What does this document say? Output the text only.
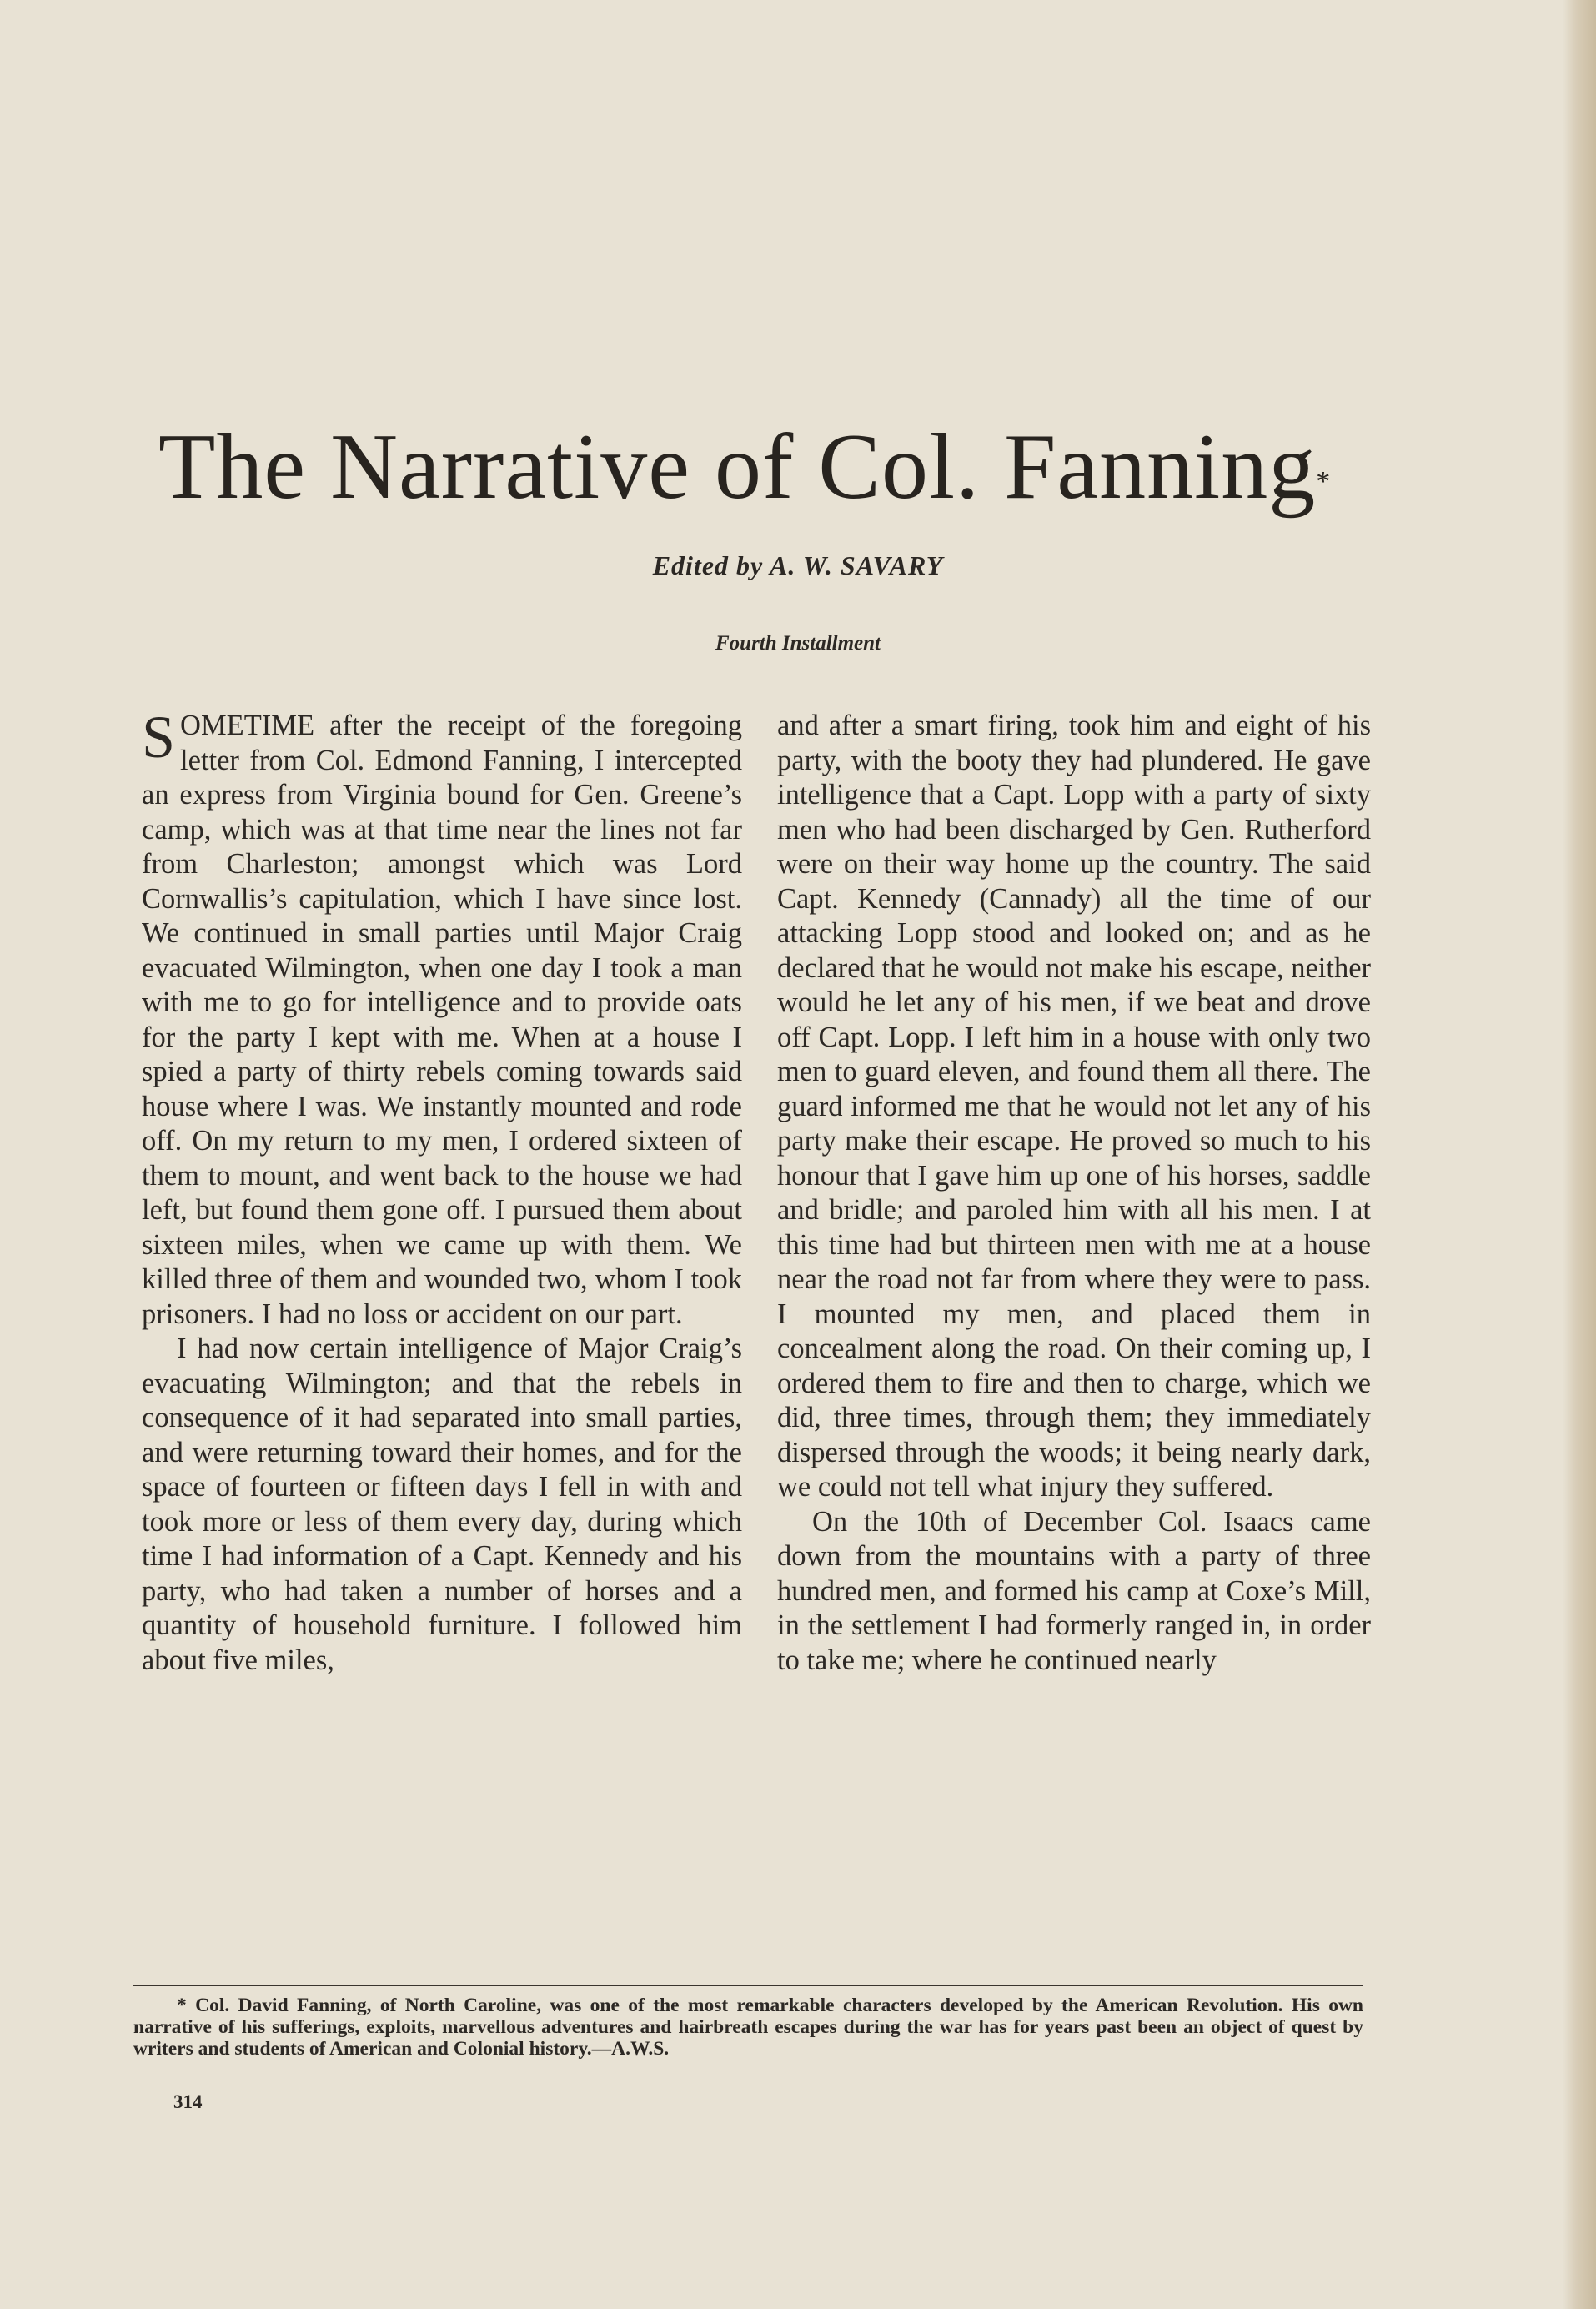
The Narrative of Col. Fanning*
Edited by A. W. SAVARY
Fourth Installment

SOMETIME after the receipt of the foregoing letter from Col. Edmond Fanning, I intercepted an express from Virginia bound for Gen. Greene’s camp, which was at that time near the lines not far from Charleston; amongst which was Lord Cornwallis’s capitulation, which I have since lost. We continued in small parties until Major Craig evacuated Wilmington, when one day I took a man with me to go for intelligence and to provide oats for the party I kept with me. When at a house I spied a party of thirty rebels coming towards said house where I was. We instantly mounted and rode off. On my return to my men, I ordered sixteen of them to mount, and went back to the house we had left, but found them gone off. I pursued them about sixteen miles, when we came up with them. We killed three of them and wounded two, whom I took prisoners. I had no loss or accident on our part.

I had now certain intelligence of Major Craig’s evacuating Wilmington; and that the rebels in consequence of it had separated into small parties, and were returning toward their homes, and for the space of fourteen or fifteen days I fell in with and took more or less of them every day, during which time I had information of a Capt. Kennedy and his party, who had taken a number of horses and a quantity of household furniture. I followed him about five miles,

and after a smart firing, took him and eight of his party, with the booty they had plundered. He gave intelligence that a Capt. Lopp with a party of sixty men who had been discharged by Gen. Rutherford were on their way home up the country. The said Capt. Kennedy (Cannady) all the time of our attacking Lopp stood and looked on; and as he declared that he would not make his escape, neither would he let any of his men, if we beat and drove off Capt. Lopp. I left him in a house with only two men to guard eleven, and found them all there. The guard informed me that he would not let any of his party make their escape. He proved so much to his honour that I gave him up one of his horses, saddle and bridle; and paroled him with all his men. I at this time had but thirteen men with me at a house near the road not far from where they were to pass. I mounted my men, and placed them in concealment along the road. On their coming up, I ordered them to fire and then to charge, which we did, three times, through them; they immediately dispersed through the woods; it being nearly dark, we could not tell what injury they suffered.

On the 10th of December Col. Isaacs came down from the mountains with a party of three hundred men, and formed his camp at Coxe’s Mill, in the settlement I had formerly ranged in, in order to take me; where he continued nearly

* Col. David Fanning, of North Caroline, was one of the most remarkable characters developed by the American Revolution. His own narrative of his sufferings, exploits, marvellous adventures and hairbreath escapes during the war has for years past been an object of quest by writers and students of American and Colonial history.—A.W.S.

314
